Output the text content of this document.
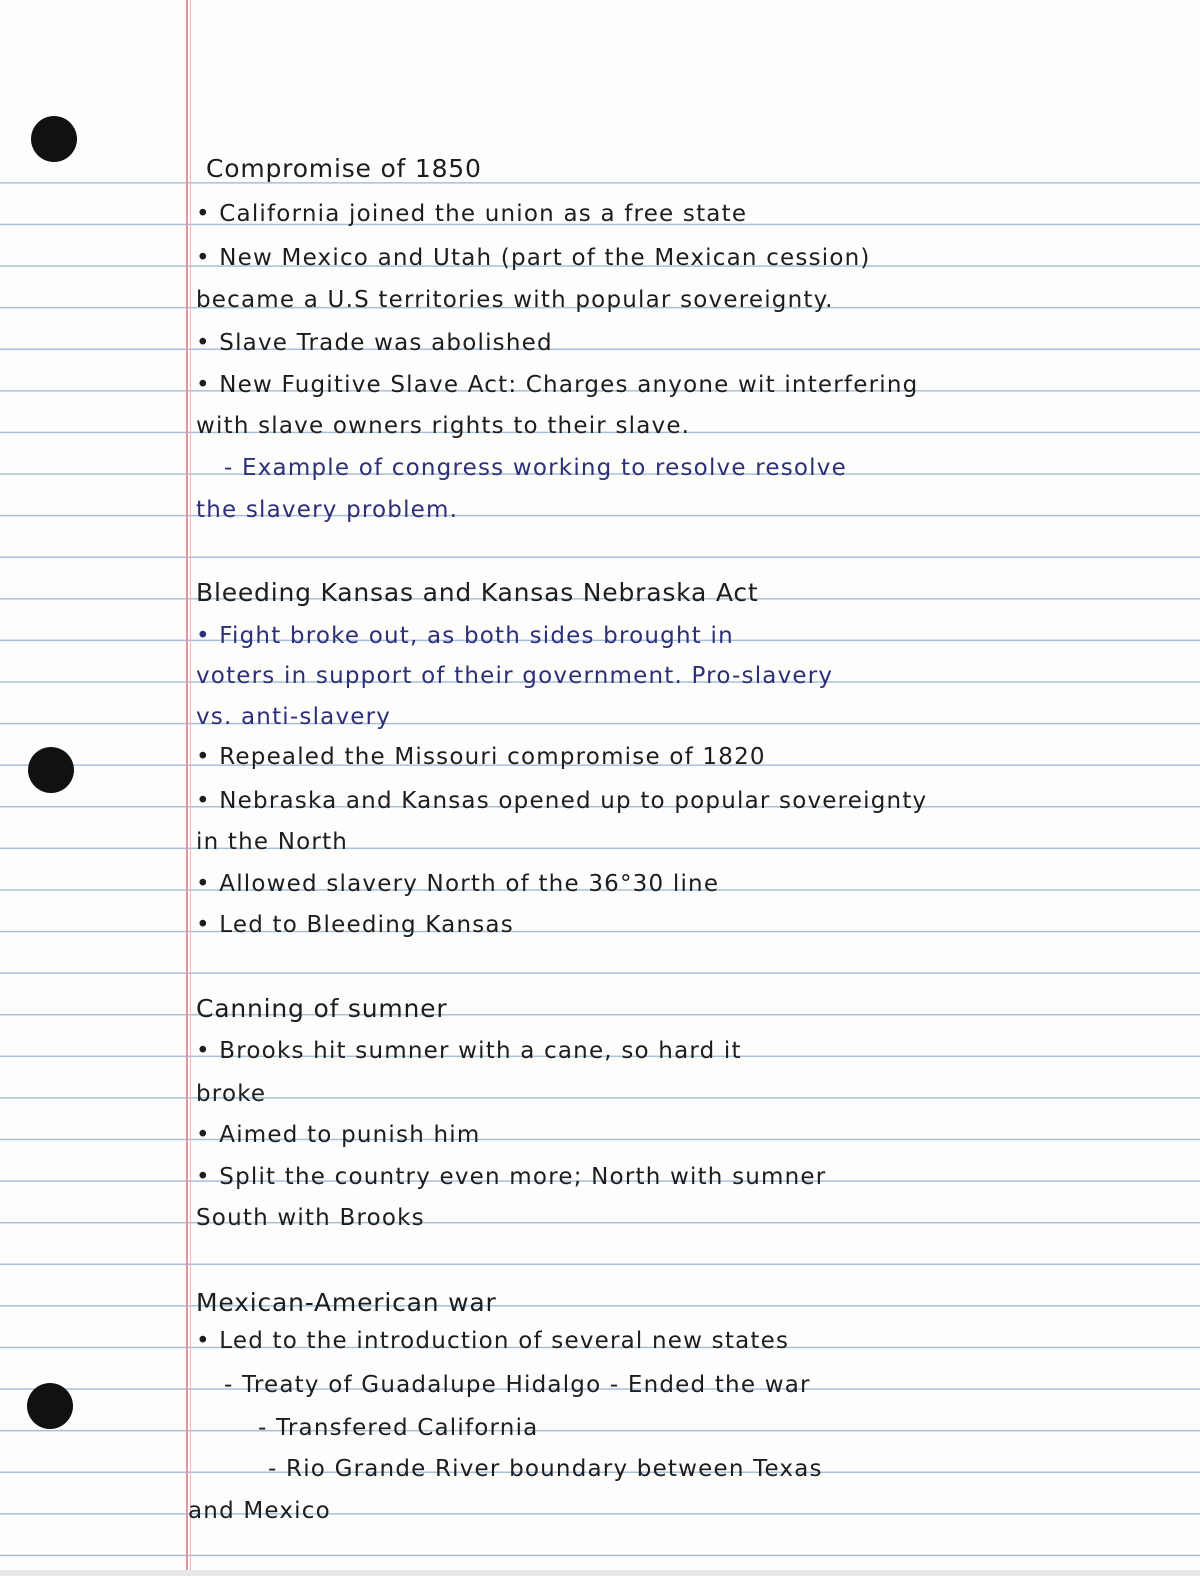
Compromise of 1850
• California joined the union as a free state
• New Mexico and Utah (part of the Mexican cession)
became a U.S territories with popular sovereignty.
• Slave Trade was abolished
• New Fugitive Slave Act: Charges anyone wit interfering
with slave owners rights to their slave.
- Example of congress working to resolve resolve
the slavery problem.
Bleeding Kansas and Kansas Nebraska Act
• Fight broke out, as both sides brought in
voters in support of their government. Pro-slavery
vs. anti-slavery
• Repealed the Missouri compromise of 1820
• Nebraska and Kansas opened up to popular sovereignty
in the North
• Allowed slavery North of the 36°30 line
• Led to Bleeding Kansas
Canning of sumner
• Brooks hit sumner with a cane, so hard it
broke
• Aimed to punish him
• Split the country even more; North with sumner
South with Brooks
Mexican-American war
• Led to the introduction of several new states
- Treaty of Guadalupe Hidalgo - Ended the war
- Transfered California
- Rio Grande River boundary between Texas
and Mexico
